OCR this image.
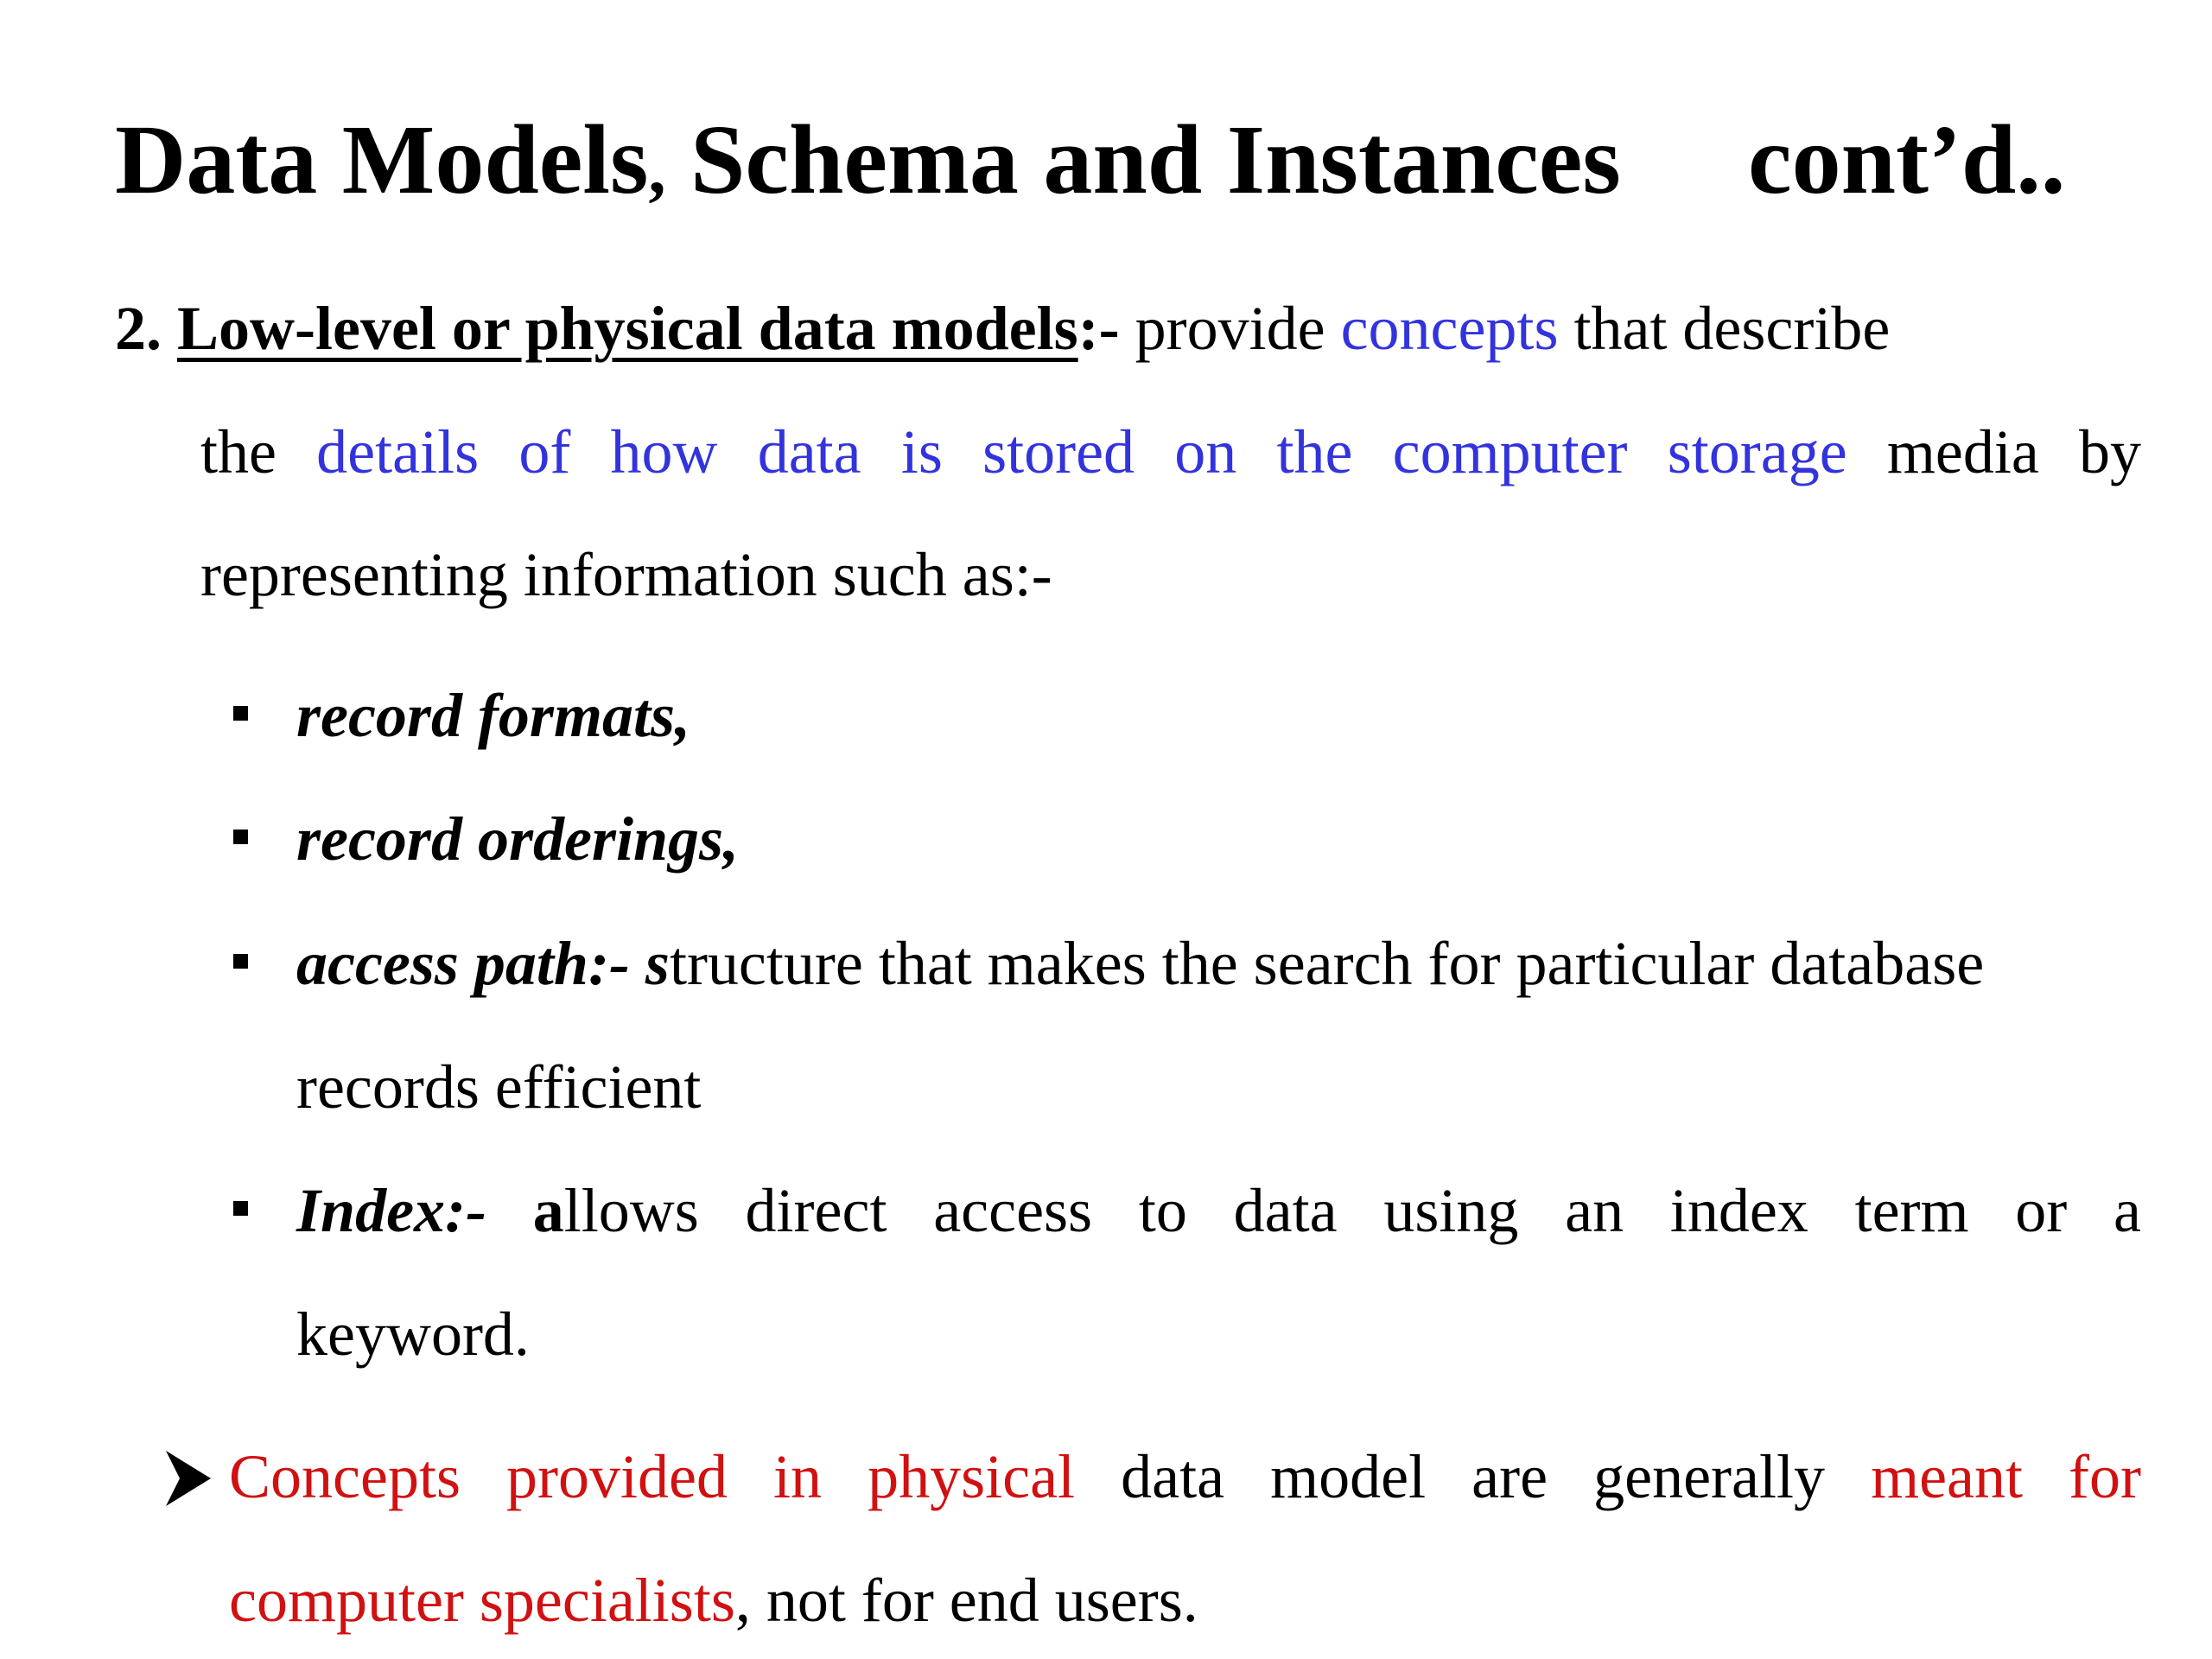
Data Models, Schema and Instances cont’d..
2. Low-level or physical data models:- provide concepts that describe
the details of how data is stored on the computer storage media by
representing information such as:-
record formats,
record orderings,
access path:- structure that makes the search for particular database
records efficient
Index:- allows direct access to data using an index term or a
keyword.
Concepts provided in physical data model are generally meant for
computer specialists, not for end users.
